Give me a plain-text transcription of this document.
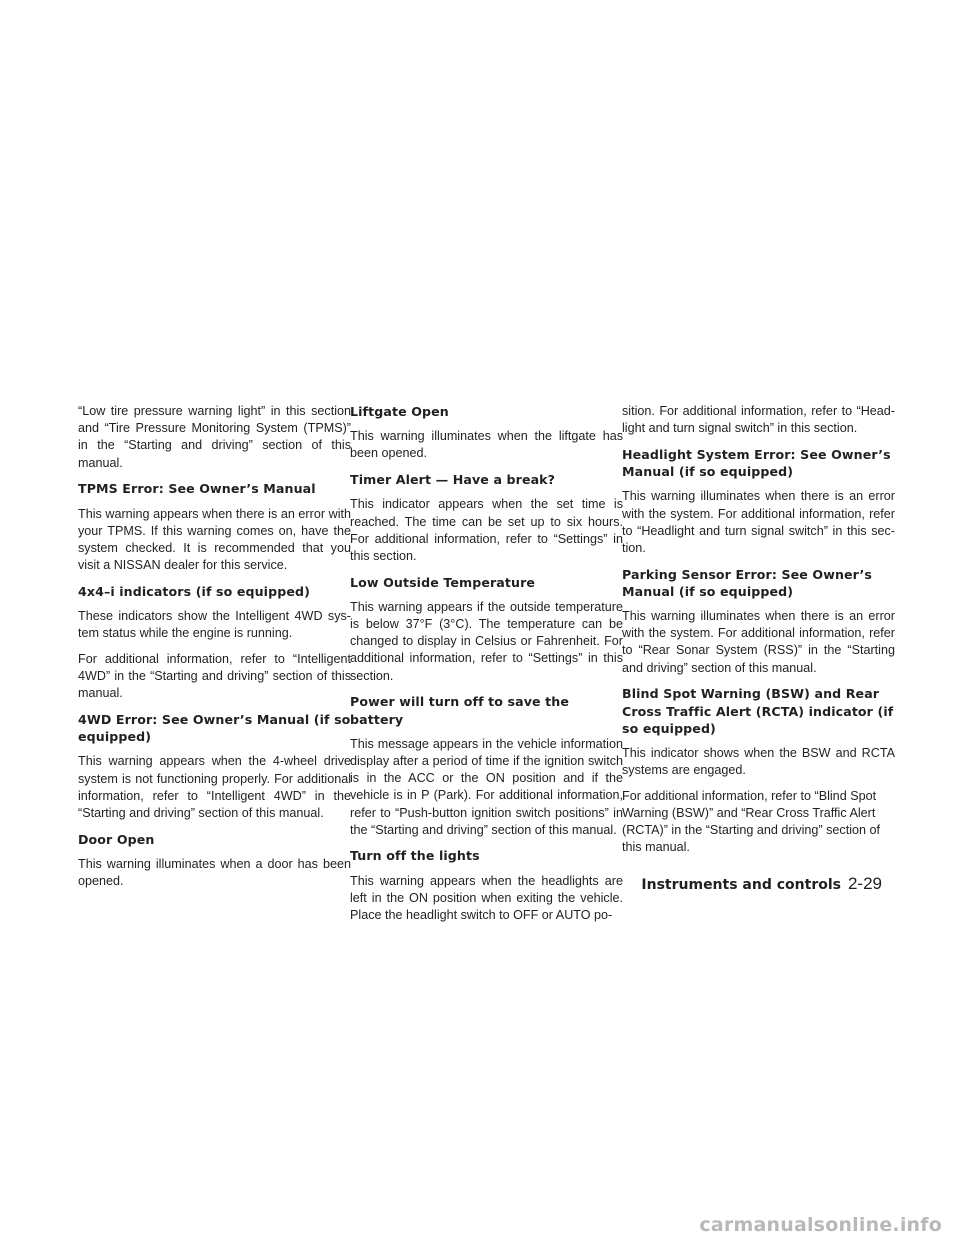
“Low tire pressure warning light” in this section and “Tire Pressure Monitoring System (TPMS)” in the “Starting and driving” section of this manual.

TPMS Error: See Owner’s Manual

This warning appears when there is an error with your TPMS. If this warning comes on, have the system checked. It is recommended that you visit a NISSAN dealer for this service.

4x4–i indicators (if so equipped)

These indicators show the Intelligent 4WD sys-tem status while the engine is running.

For additional information, refer to “Intelligent 4WD” in the “Starting and driving” section of this manual.

4WD Error: See Owner’s Manual (if so equipped)

This warning appears when the 4-wheel drive system is not functioning properly. For additional information, refer to “Intelligent 4WD” in the “Starting and driving” section of this manual.

Door Open

This warning illuminates when a door has been opened.

Liftgate Open

This warning illuminates when the liftgate has been opened.

Timer Alert — Have a break?

This indicator appears when the set time is reached. The time can be set up to six hours. For additional information, refer to “Settings” in this section.

Low Outside Temperature

This warning appears if the outside temperature is below 37°F (3°C). The temperature can be changed to display in Celsius or Fahrenheit. For additional information, refer to “Settings” in this section.

Power will turn off to save the battery

This message appears in the vehicle information display after a period of time if the ignition switch is in the ACC or the ON position and if the vehicle is in P (Park). For additional information, refer to “Push-button ignition switch positions” in the “Starting and driving” section of this manual.

Turn off the lights

This warning appears when the headlights are left in the ON position when exiting the vehicle. Place the headlight switch to OFF or AUTO po-

sition. For additional information, refer to “Head-light and turn signal switch” in this section.

Headlight System Error: See Owner’s Manual (if so equipped)

This warning illuminates when there is an error with the system. For additional information, refer to “Headlight and turn signal switch” in this sec-tion.

Parking Sensor Error: See Owner’s Manual (if so equipped)

This warning illuminates when there is an error with the system. For additional information, refer to “Rear Sonar System (RSS)” in the “Starting and driving” section of this manual.

Blind Spot Warning (BSW) and Rear Cross Traffic Alert (RCTA) indicator (if so equipped)

This indicator shows when the BSW and RCTA systems are engaged.

For additional information, refer to “Blind Spot Warning (BSW)” and “Rear Cross Traffic Alert (RCTA)” in the “Starting and driving” section of this manual.

Instruments and controls 2-29
carmanualsonline.info
